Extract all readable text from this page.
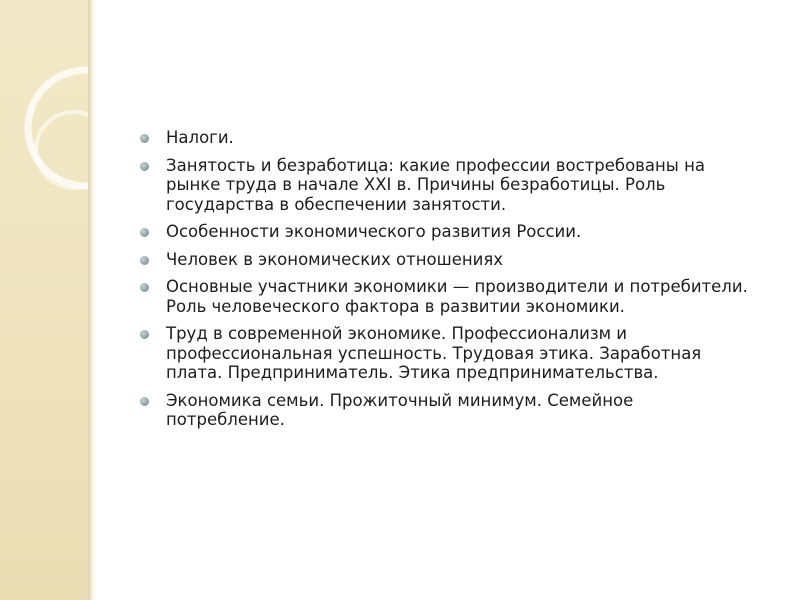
Налоги.
Занятость и безработица: какие профессии востребованы на рынке труда в начале XXI в. Причины безработицы. Роль государства в обеспечении занятости.
Особенности экономического развития России.
Человек в экономических отношениях
Основные участники экономики — производители и потребители. Роль человеческого фактора в развитии экономики.
Труд в современной экономике. Профессионализм и профессиональная успешность. Трудовая этика. Заработная плата. Предприниматель. Этика предпринимательства.
Экономика семьи. Прожиточный минимум. Семейное потребление.
